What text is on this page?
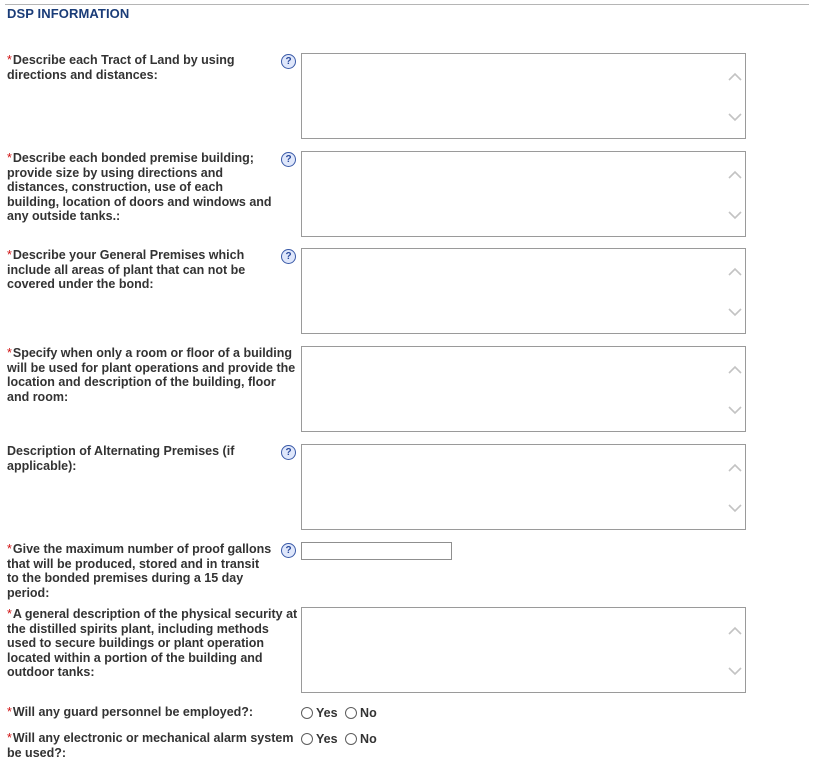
DSP INFORMATION
*Describe each Tract of Land by using
directions and distances:
?
*Describe each bonded premise building;
provide size by using directions and
distances, construction, use of each
building, location of doors and windows and
any outside tanks.:
?
*Describe your General Premises which
include all areas of plant that can not be
covered under the bond:
?
*Specify when only a room or floor of a building
will be used for plant operations and provide the
location and description of the building, floor
and room:
Description of Alternating Premises (if
applicable):
?
*Give the maximum number of proof gallons
that will be produced, stored and in transit
to the bonded premises during a 15 day
period:
?
*A general description of the physical security at
the distilled spirits plant, including methods
used to secure buildings or plant operation
located within a portion of the building and
outdoor tanks:
*Will any guard personnel be employed?:	Yes No
*Will any electronic or mechanical alarm system
be used?:
Yes No
